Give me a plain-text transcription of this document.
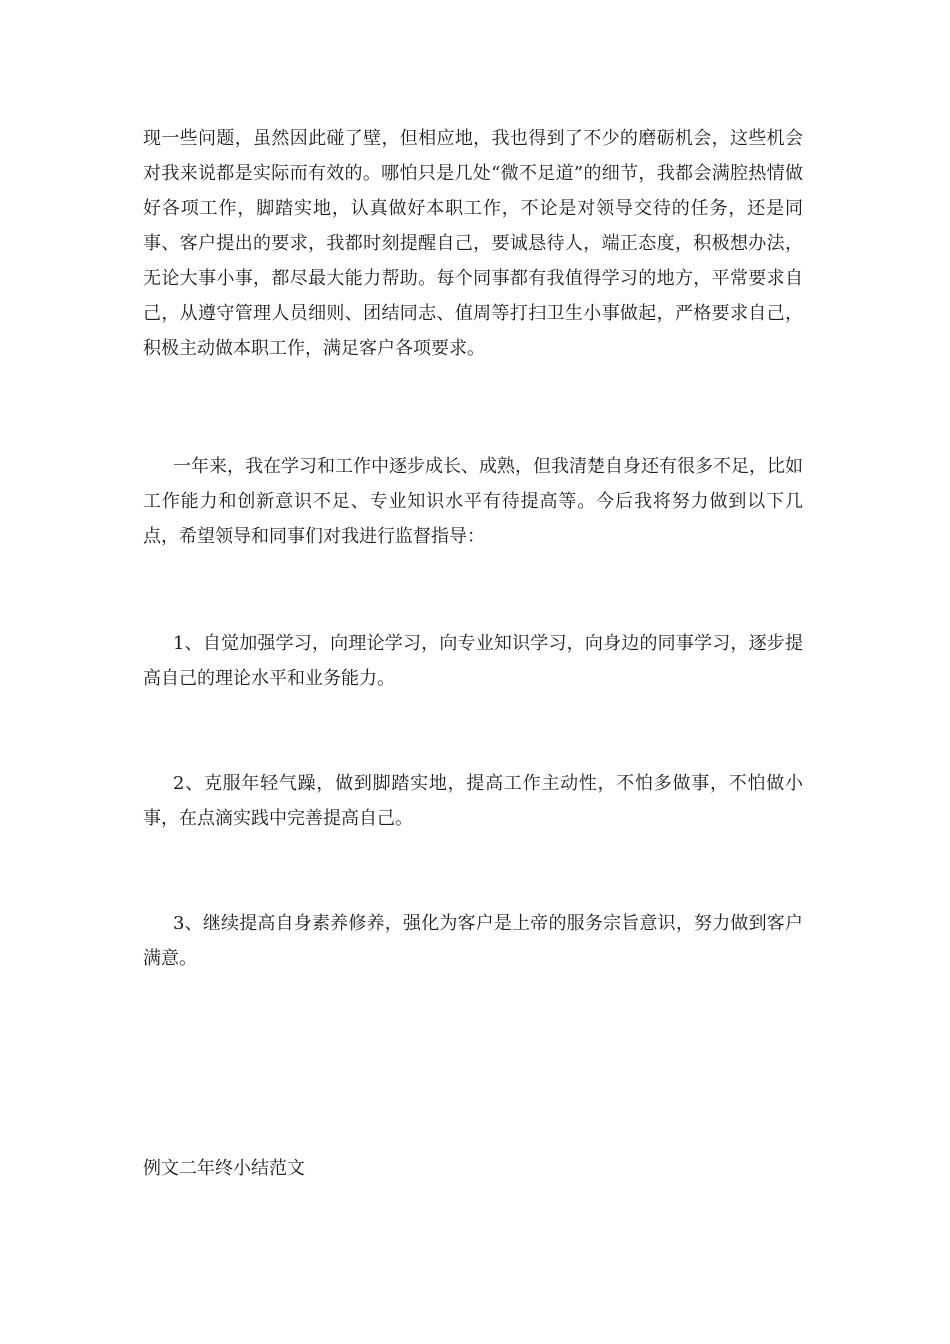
现一些问题，虽然因此碰了壁，但相应地，我也得到了不少的磨砺机会，这些机会对我来说都是实际而有效的。哪怕只是几处“微不足道”的细节，我都会满腔热情做好各项工作，脚踏实地，认真做好本职工作，不论是对领导交待的任务，还是同事、客户提出的要求，我都时刻提醒自己，要诚恳待人，端正态度，积极想办法，无论大事小事，都尽最大能力帮助。每个同事都有我值得学习的地方，平常要求自己，从遵守管理人员细则、团结同志、值周等打扫卫生小事做起，严格要求自己，积极主动做本职工作，满足客户各项要求。

一年来，我在学习和工作中逐步成长、成熟，但我清楚自身还有很多不足，比如工作能力和创新意识不足、专业知识水平有待提高等。今后我将努力做到以下几点，希望领导和同事们对我进行监督指导：

1、自觉加强学习，向理论学习，向专业知识学习，向身边的同事学习，逐步提高自己的理论水平和业务能力。

2、克服年轻气躁，做到脚踏实地，提高工作主动性，不怕多做事，不怕做小事，在点滴实践中完善提高自己。

3、继续提高自身素养修养，强化为客户是上帝的服务宗旨意识，努力做到客户满意。

例文二年终小结范文
